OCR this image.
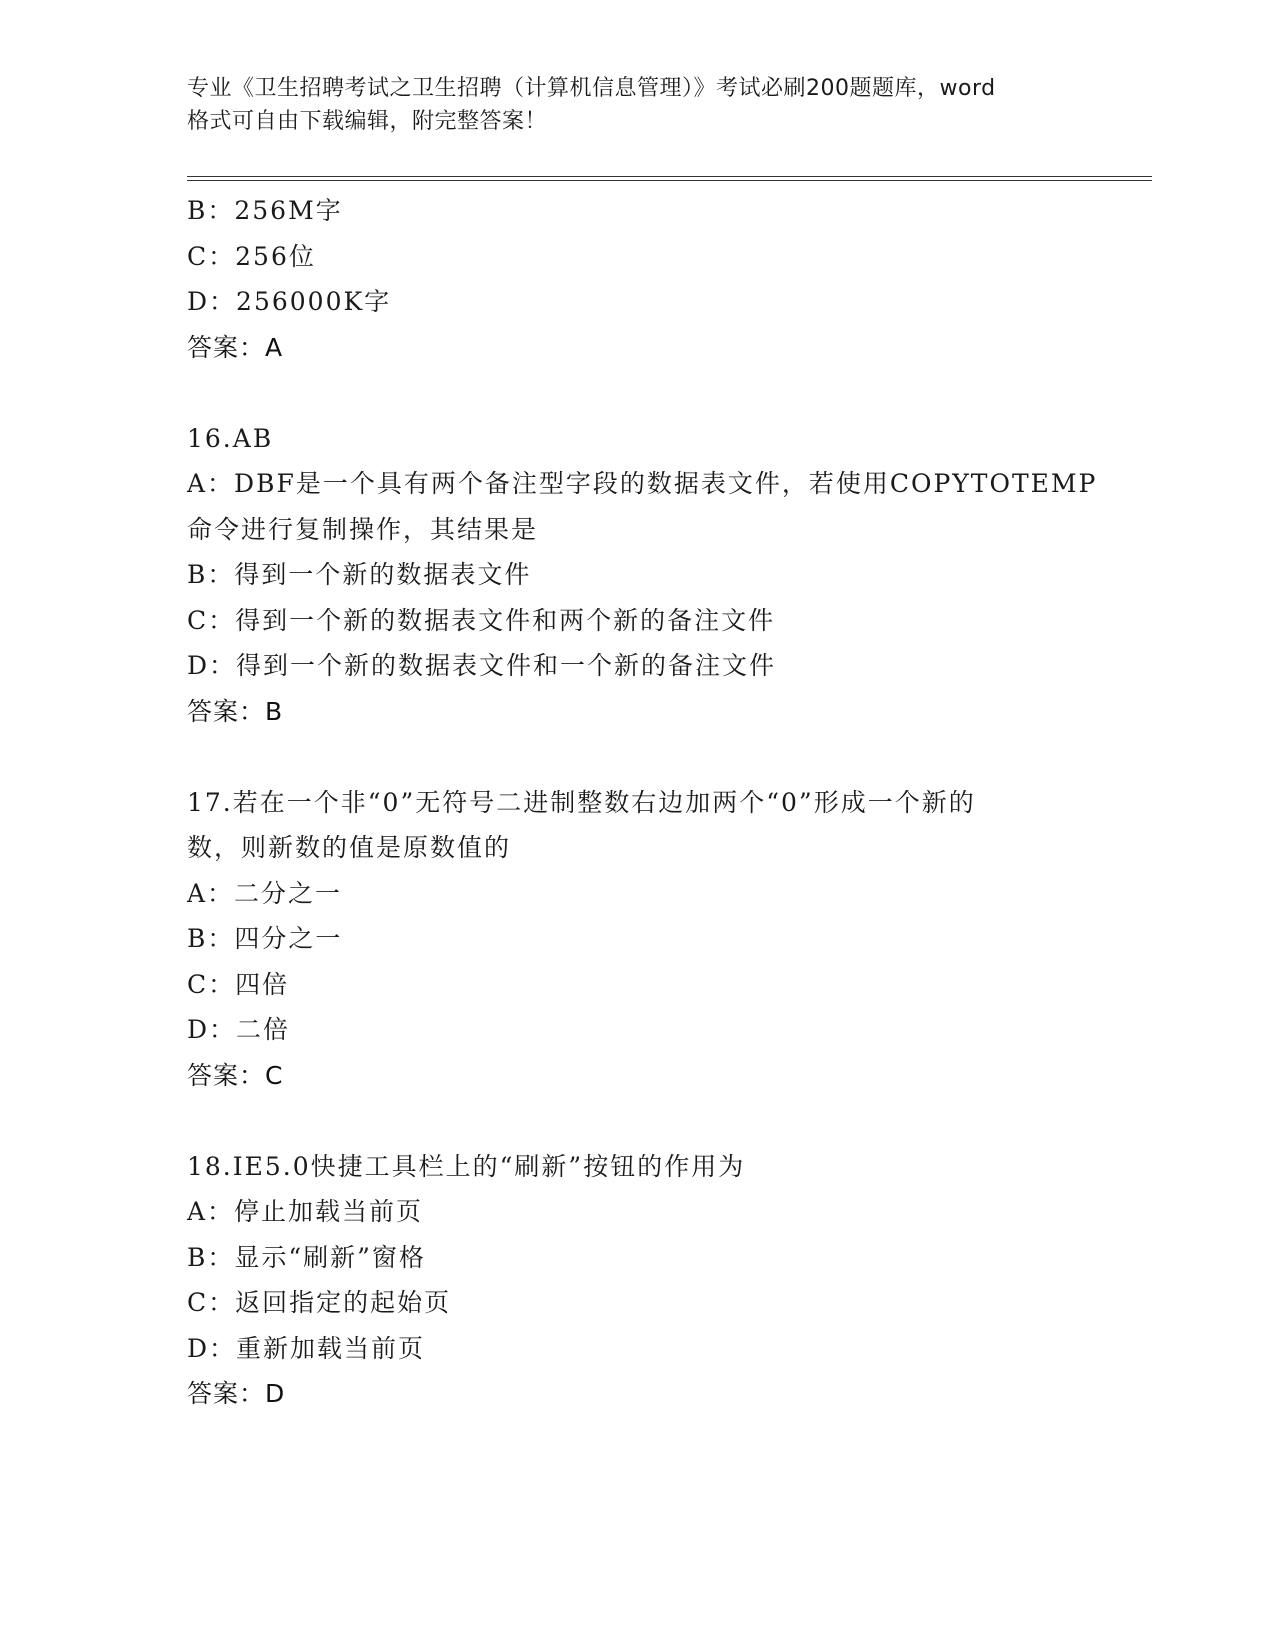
专业《卫生招聘考试之卫生招聘（计算机信息管理）》考试必刷200题题库，word
格式可自由下载编辑，附完整答案！
B：256M字
C：256位
D：256000K字
答案：A
16.AB
A：DBF是一个具有两个备注型字段的数据表文件，若使用COPYTOTEMP
命令进行复制操作，其结果是
B：得到一个新的数据表文件
C：得到一个新的数据表文件和两个新的备注文件
D：得到一个新的数据表文件和一个新的备注文件
答案：B
17.若在一个非“0”无符号二进制整数右边加两个“0”形成一个新的
数，则新数的值是原数值的
A：二分之一
B：四分之一
C：四倍
D：二倍
答案：C
18.IE5.0快捷工具栏上的“刷新”按钮的作用为
A：停止加载当前页
B：显示“刷新”窗格
C：返回指定的起始页
D：重新加载当前页
答案：D
